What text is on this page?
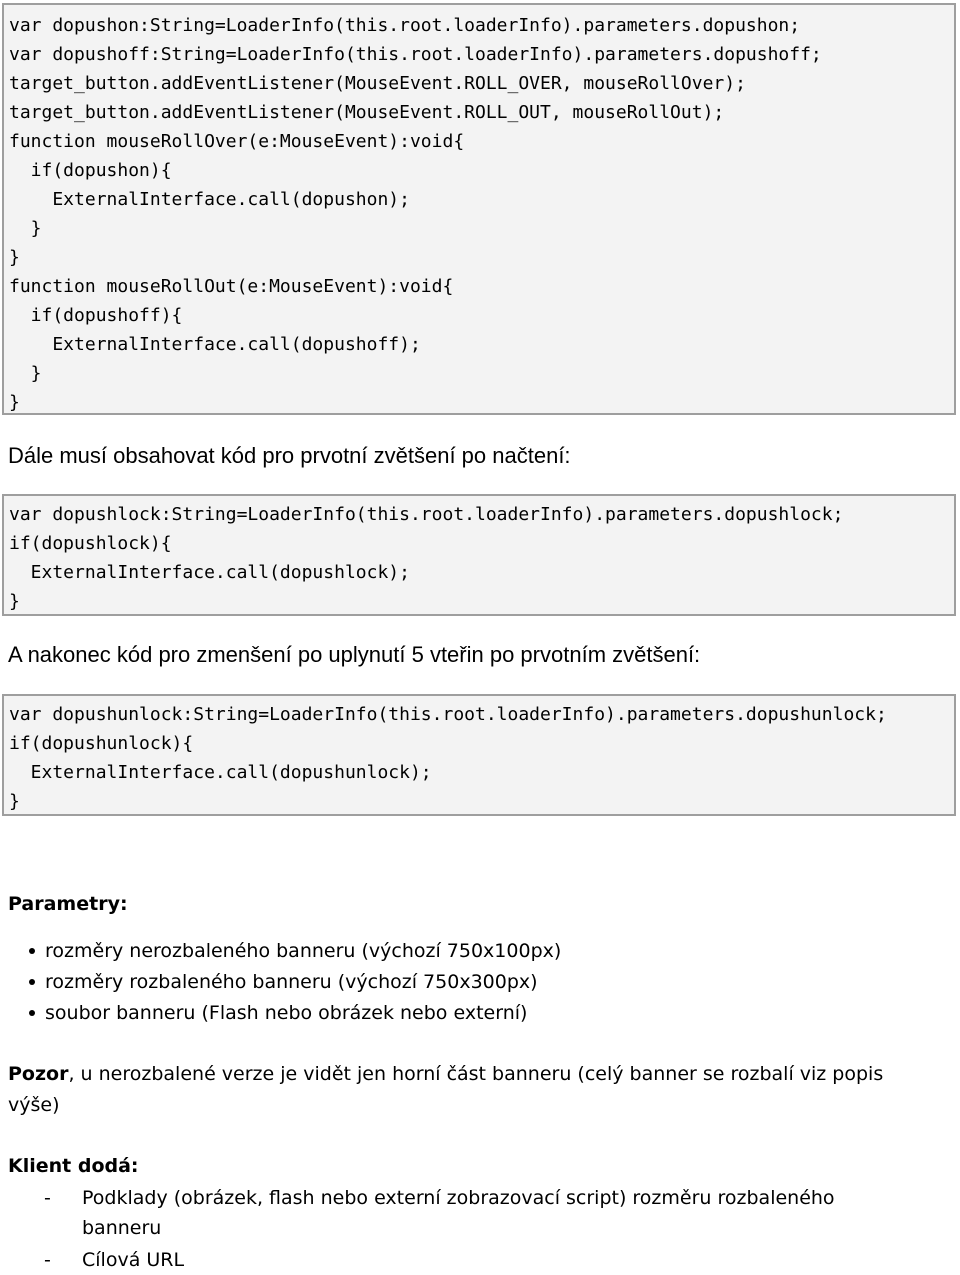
var dopushon:String=LoaderInfo(this.root.loaderInfo).parameters.dopushon;
var dopushoff:String=LoaderInfo(this.root.loaderInfo).parameters.dopushoff;
target_button.addEventListener(MouseEvent.ROLL_OVER, mouseRollOver);
target_button.addEventListener(MouseEvent.ROLL_OUT, mouseRollOut);
function mouseRollOver(e:MouseEvent):void{
if(dopushon){
ExternalInterface.call(dopushon);
}
}
function mouseRollOut(e:MouseEvent):void{
if(dopushoff){
ExternalInterface.call(dopushoff);
}
}
Dále musí obsahovat kód pro prvotní zvětšení po načtení:
var dopushlock:String=LoaderInfo(this.root.loaderInfo).parameters.dopushlock;
if(dopushlock){
ExternalInterface.call(dopushlock);
}
A nakonec kód pro zmenšení po uplynutí 5 vteřin po prvotním zvětšení:
var dopushunlock:String=LoaderInfo(this.root.loaderInfo).parameters.dopushunlock;
if(dopushunlock){
ExternalInterface.call(dopushunlock);
}
Parametry:
rozměry nerozbaleného banneru (výchozí 750x100px)
rozměry rozbaleného banneru (výchozí 750x300px)
soubor banneru (Flash nebo obrázek nebo externí)
Pozor, u nerozbalené verze je vidět jen horní část banneru (celý banner se rozbalí viz popis
výše)
Klient dodá:
- Podklady (obrázek, flash nebo externí zobrazovací script) rozměru rozbaleného
banneru
- Cílová URL
